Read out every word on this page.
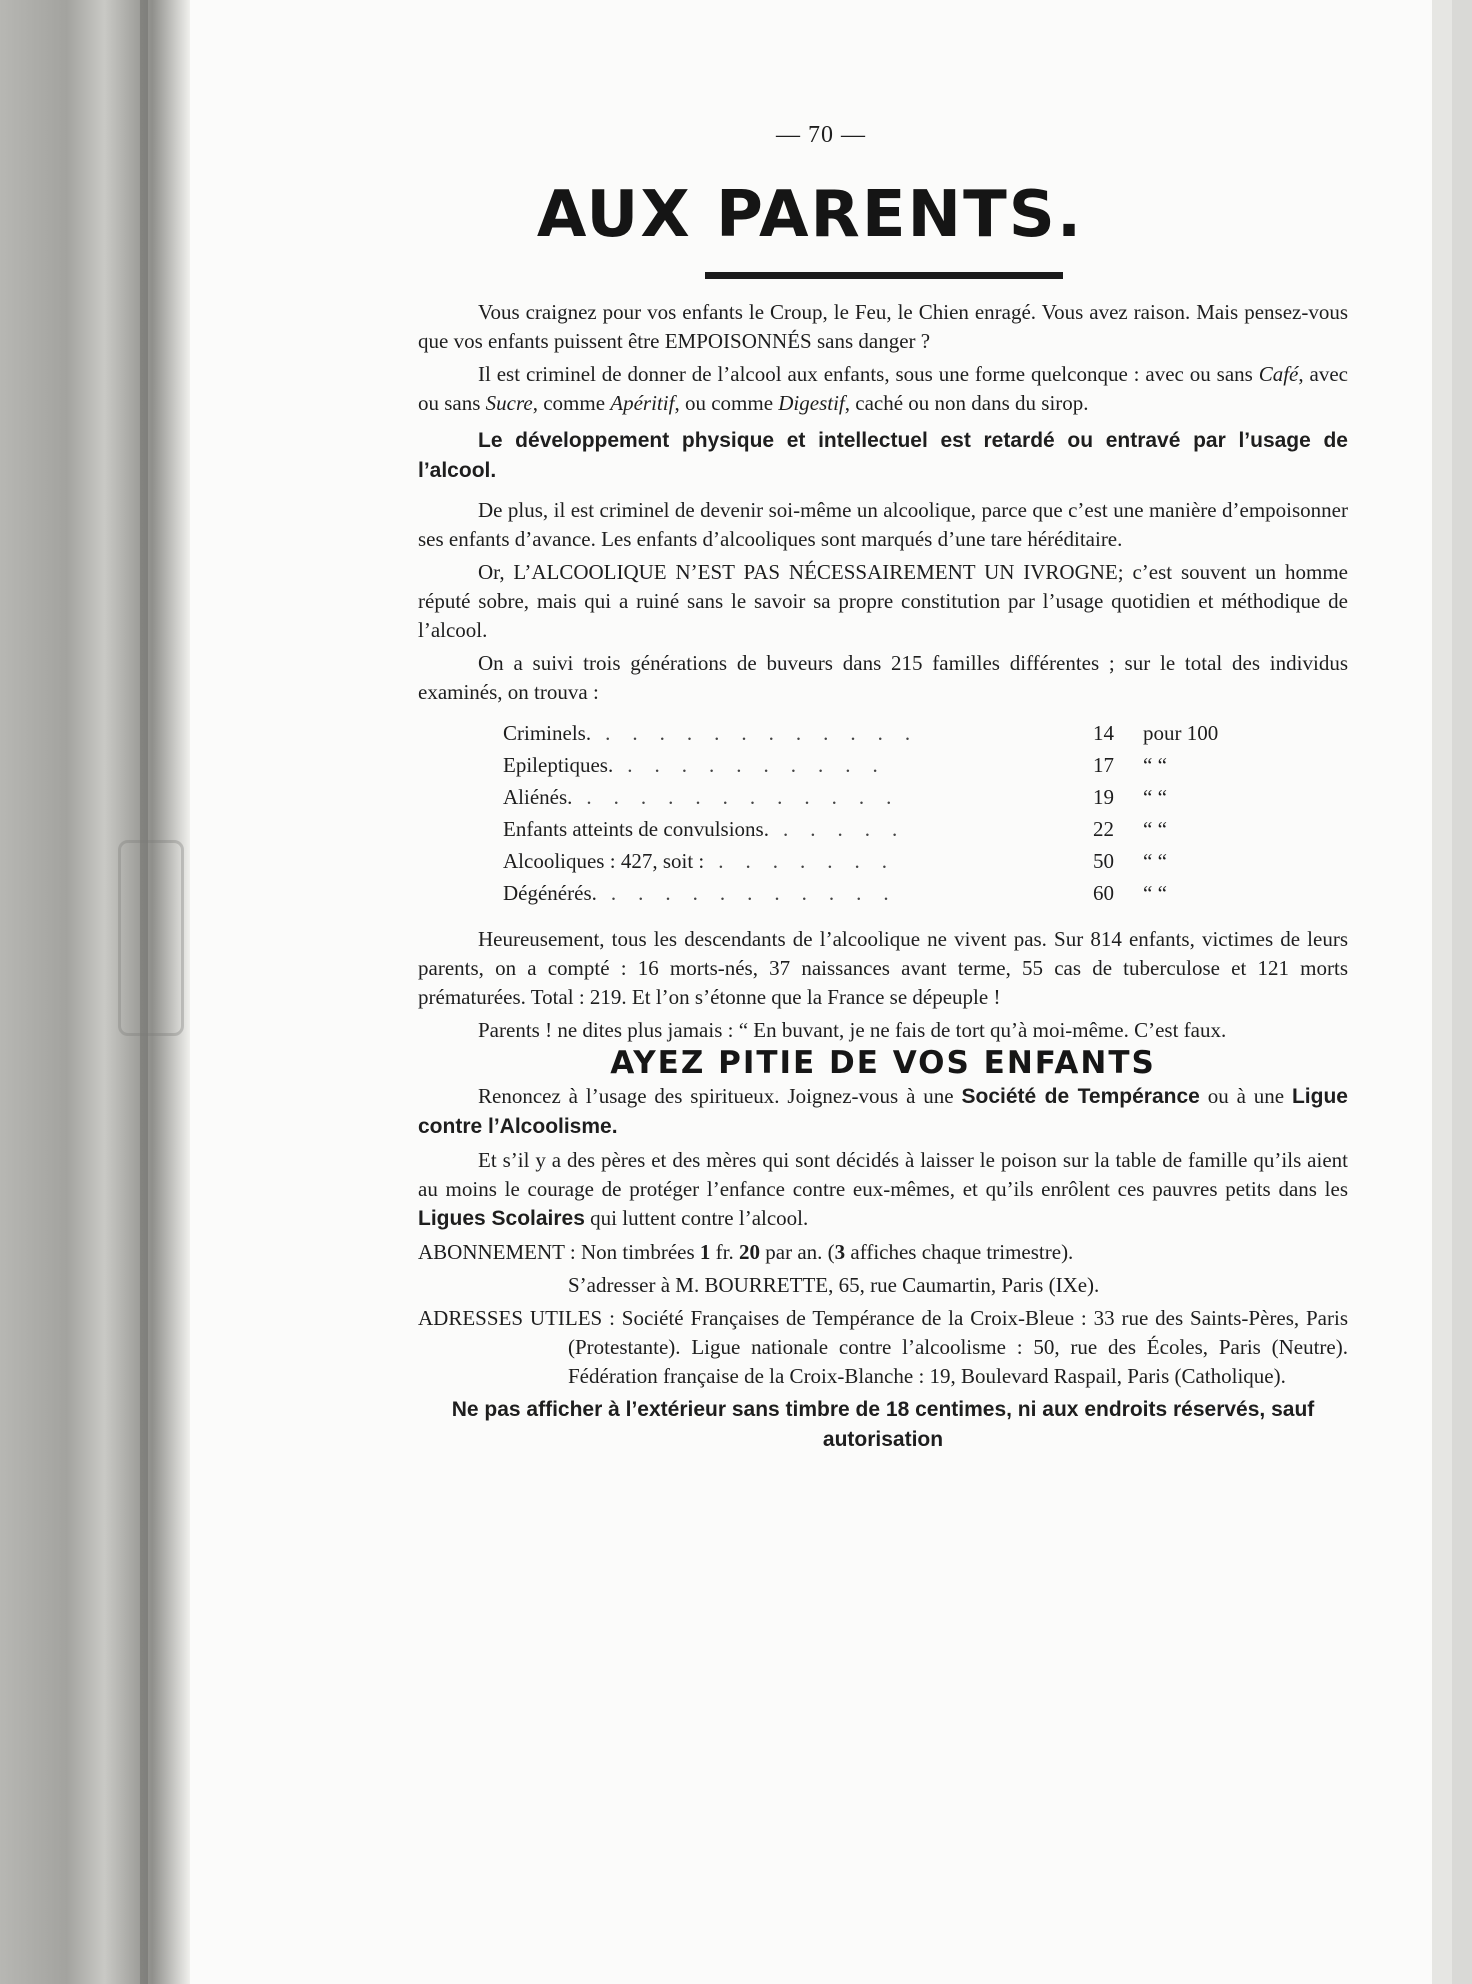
— 70 —
AUX PARENTS.

Vous craignez pour vos enfants le Croup, le Feu, le Chien enragé. Vous avez raison. Mais pensez-vous que vos enfants puissent être EMPOISONNÉS sans danger ?

Il est criminel de donner de l’alcool aux enfants, sous une forme quelconque : avec ou sans Café, avec ou sans Sucre, comme Apéritif, ou comme Digestif, caché ou non dans du sirop.

Le développement physique et intellectuel est retardé ou entravé par l’usage de l’alcool.

De plus, il est criminel de devenir soi-même un alcoolique, parce que c’est une manière d’empoisonner ses enfants d’avance. Les enfants d’alcooliques sont marqués d’une tare héréditaire.

Or, L’ALCOOLIQUE N’EST PAS NÉCESSAIREMENT UN IVROGNE; c’est souvent un homme réputé sobre, mais qui a ruiné sans le savoir sa propre constitution par l’usage quotidien et méthodique de l’alcool.

On a suivi trois générations de buveurs dans 215 familles différentes ; sur le total des individus examinés, on trouva :

Criminels. ............	14	pour 100
Epileptiques. ..........	17	“ “
Aliénés. ............	19	“ “
Enfants atteints de convulsions. .....	22	“ “
Alcooliques : 427, soit : .......	50	“ “
Dégénérés. ...........	60	“ “

Heureusement, tous les descendants de l’alcoolique ne vivent pas. Sur 814 enfants, victimes de leurs parents, on a compté : 16 morts-nés, 37 naissances avant terme, 55 cas de tuberculose et 121 morts prématurées. Total : 219. Et l’on s’étonne que la France se dépeuple !

Parents ! ne dites plus jamais : “ En buvant, je ne fais de tort qu’à moi-même. C’est faux.

AYEZ PITIE DE VOS ENFANTS

Renoncez à l’usage des spiritueux. Joignez-vous à une Société de Tempérance ou à une Ligue contre l’Alcoolisme.

Et s’il y a des pères et des mères qui sont décidés à laisser le poison sur la table de famille qu’ils aient au moins le courage de protéger l’enfance contre eux-mêmes, et qu’ils enrôlent ces pauvres petits dans les Ligues Scolaires qui luttent contre l’alcool.

ABONNEMENT : Non timbrées 1 fr. 20 par an. (3 affiches chaque trimestre).

S’adresser à M. BOURRETTE, 65, rue Caumartin, Paris (IXe).

ADRESSES UTILES : Société Françaises de Tempérance de la Croix-Bleue : 33 rue des Saints-Pères, Paris (Protestante). Ligue nationale contre l’alcoolisme : 50, rue des Écoles, Paris (Neutre). Fédération française de la Croix-Blanche : 19, Boulevard Raspail, Paris (Catholique).

Ne pas afficher à l’extérieur sans timbre de 18 centimes, ni aux endroits réservés, sauf autorisation
